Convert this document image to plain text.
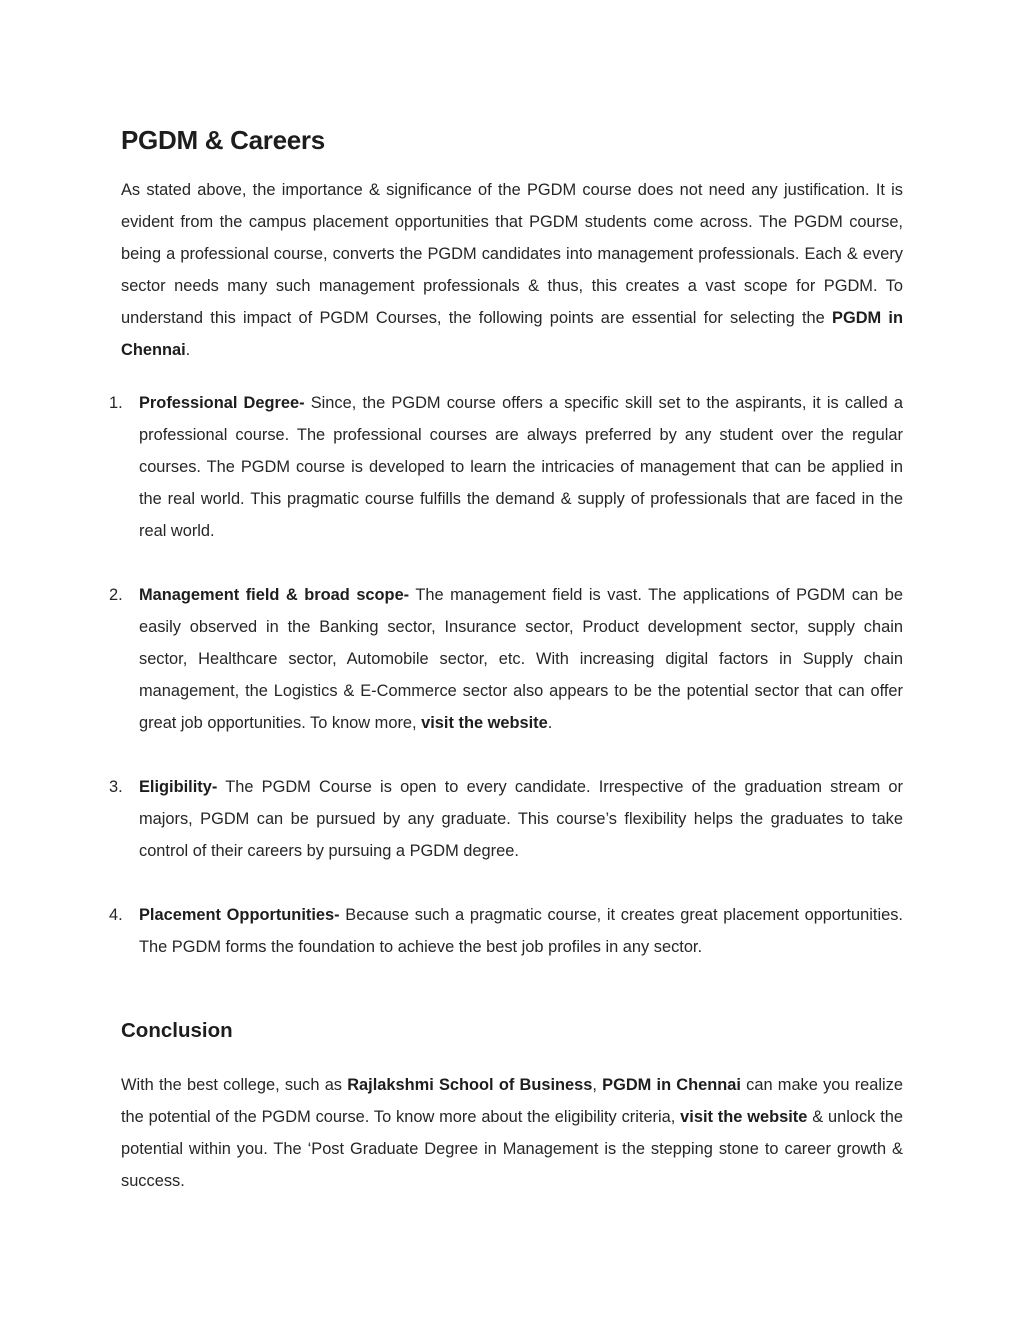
PGDM & Careers

As stated above, the importance & significance of the PGDM course does not need any justification. It is evident from the campus placement opportunities that PGDM students come across. The PGDM course, being a professional course, converts the PGDM candidates into management professionals. Each & every sector needs many such management professionals & thus, this creates a vast scope for PGDM. To understand this impact of PGDM Courses, the following points are essential for selecting the PGDM in Chennai.

1. Professional Degree- Since, the PGDM course offers a specific skill set to the aspirants, it is called a professional course. The professional courses are always preferred by any student over the regular courses. The PGDM course is developed to learn the intricacies of management that can be applied in the real world. This pragmatic course fulfills the demand & supply of professionals that are faced in the real world.

2. Management field & broad scope- The management field is vast. The applications of PGDM can be easily observed in the Banking sector, Insurance sector, Product development sector, supply chain sector, Healthcare sector, Automobile sector, etc. With increasing digital factors in Supply chain management, the Logistics & E-Commerce sector also appears to be the potential sector that can offer great job opportunities. To know more, visit the website.

3. Eligibility- The PGDM Course is open to every candidate. Irrespective of the graduation stream or majors, PGDM can be pursued by any graduate. This course’s flexibility helps the graduates to take control of their careers by pursuing a PGDM degree.

4. Placement Opportunities- Because such a pragmatic course, it creates great placement opportunities. The PGDM forms the foundation to achieve the best job profiles in any sector.

Conclusion

With the best college, such as Rajlakshmi School of Business, PGDM in Chennai can make you realize the potential of the PGDM course. To know more about the eligibility criteria, visit the website & unlock the potential within you. The ‘Post Graduate Degree in Management is the stepping stone to career growth & success.
